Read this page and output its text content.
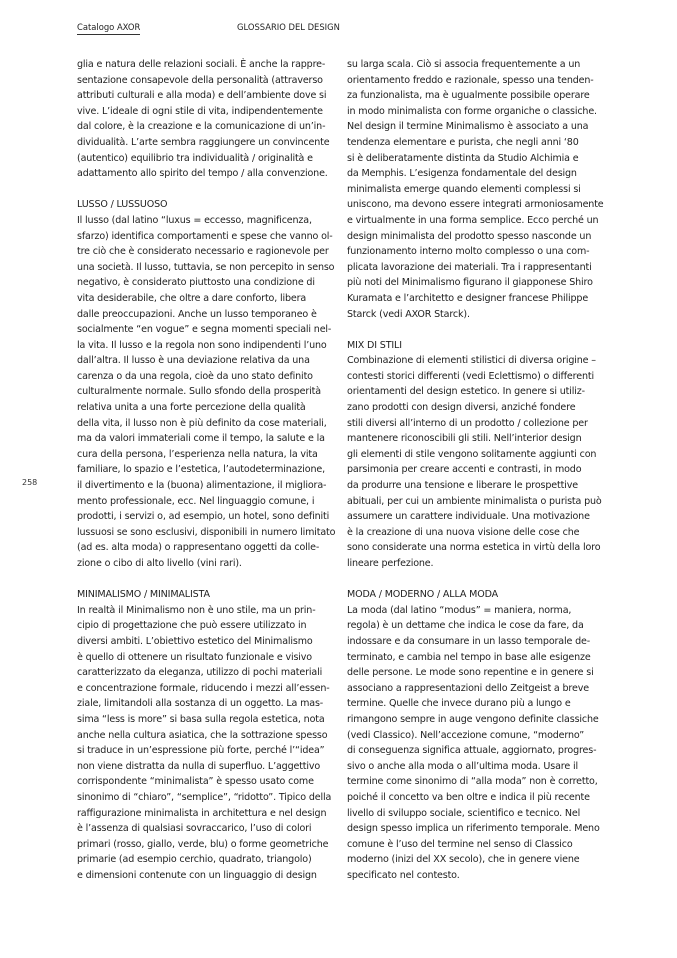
Catalogo AXOR	GLOSSARIO DEL DESIGN
258
glia e natura delle relazioni sociali. È anche la rappre-
sentazione consapevole della personalità (attraverso
attributi culturali e alla moda) e dell’ambiente dove si
vive. L’ideale di ogni stile di vita, indipendentemente
dal colore, è la creazione e la comunicazione di un’in-
dividualità. L’arte sembra raggiungere un convincente
(autentico) equilibrio tra individualità / originalità e
adattamento allo spirito del tempo / alla convenzione.
LUSSO / LUSSUOSO
Il lusso (dal latino “luxus = eccesso, magnificenza,
sfarzo) identifica comportamenti e spese che vanno ol-
tre ciò che è considerato necessario e ragionevole per
una società. Il lusso, tuttavia, se non percepito in senso
negativo, è considerato piuttosto una condizione di
vita desiderabile, che oltre a dare conforto, libera
dalle preoccupazioni. Anche un lusso temporaneo è
socialmente “en vogue” e segna momenti speciali nel-
la vita. Il lusso e la regola non sono indipendenti l’uno
dall’altra. Il lusso è una deviazione relativa da una
carenza o da una regola, cioè da uno stato definito
culturalmente normale. Sullo sfondo della prosperità
relativa unita a una forte percezione della qualità
della vita, il lusso non è più definito da cose materiali,
ma da valori immateriali come il tempo, la salute e la
cura della persona, l’esperienza nella natura, la vita
familiare, lo spazio e l’estetica, l’autodeterminazione,
il divertimento e la (buona) alimentazione, il migliora-
mento professionale, ecc. Nel linguaggio comune, i
prodotti, i servizi o, ad esempio, un hotel, sono definiti
lussuosi se sono esclusivi, disponibili in numero limitato
(ad es. alta moda) o rappresentano oggetti da colle-
zione o cibo di alto livello (vini rari).
MINIMALISMO / MINIMALISTA
In realtà il Minimalismo non è uno stile, ma un prin-
cipio di progettazione che può essere utilizzato in
diversi ambiti. L’obiettivo estetico del Minimalismo
è quello di ottenere un risultato funzionale e visivo
caratterizzato da eleganza, utilizzo di pochi materiali
e concentrazione formale, riducendo i mezzi all’essen-
ziale, limitandoli alla sostanza di un oggetto. La mas-
sima “less is more” si basa sulla regola estetica, nota
anche nella cultura asiatica, che la sottrazione spesso
si traduce in un’espressione più forte, perché l’“idea”
non viene distratta da nulla di superfluo. L’aggettivo
corrispondente “minimalista” è spesso usato come
sinonimo di “chiaro”, “semplice”, “ridotto”. Tipico della
raffigurazione minimalista in architettura e nel design
è l’assenza di qualsiasi sovraccarico, l’uso di colori
primari (rosso, giallo, verde, blu) o forme geometriche
primarie (ad esempio cerchio, quadrato, triangolo)
e dimensioni contenute con un linguaggio di design
su larga scala. Ciò si associa frequentemente a un
orientamento freddo e razionale, spesso una tenden-
za funzionalista, ma è ugualmente possibile operare
in modo minimalista con forme organiche o classiche.
Nel design il termine Minimalismo è associato a una
tendenza elementare e purista, che negli anni ‘80
si è deliberatamente distinta da Studio Alchimia e
da Memphis. L’esigenza fondamentale del design
minimalista emerge quando elementi complessi si
uniscono, ma devono essere integrati armoniosamente
e virtualmente in una forma semplice. Ecco perché un
design minimalista del prodotto spesso nasconde un
funzionamento interno molto complesso o una com-
plicata lavorazione dei materiali. Tra i rappresentanti
più noti del Minimalismo figurano il giapponese Shiro
Kuramata e l’architetto e designer francese Philippe
Starck (vedi AXOR Starck).
MIX DI STILI
Combinazione di elementi stilistici di diversa origine –
contesti storici differenti (vedi Eclettismo) o differenti
orientamenti del design estetico. In genere si utiliz-
zano prodotti con design diversi, anziché fondere
stili diversi all’interno di un prodotto / collezione per
mantenere riconoscibili gli stili. Nell’interior design
gli elementi di stile vengono solitamente aggiunti con
parsimonia per creare accenti e contrasti, in modo
da produrre una tensione e liberare le prospettive
abituali, per cui un ambiente minimalista o purista può
assumere un carattere individuale. Una motivazione
è la creazione di una nuova visione delle cose che
sono considerate una norma estetica in virtù della loro
lineare perfezione.
MODA / MODERNO / ALLA MODA
La moda (dal latino “modus” = maniera, norma,
regola) è un dettame che indica le cose da fare, da
indossare e da consumare in un lasso temporale de-
terminato, e cambia nel tempo in base alle esigenze
delle persone. Le mode sono repentine e in genere si
associano a rappresentazioni dello Zeitgeist a breve
termine. Quelle che invece durano più a lungo e
rimangono sempre in auge vengono definite classiche
(vedi Classico). Nell’accezione comune, “moderno”
di conseguenza significa attuale, aggiornato, progres-
sivo o anche alla moda o all’ultima moda. Usare il
termine come sinonimo di “alla moda” non è corretto,
poiché il concetto va ben oltre e indica il più recente
livello di sviluppo sociale, scientifico e tecnico. Nel
design spesso implica un riferimento temporale. Meno
comune è l’uso del termine nel senso di Classico
moderno (inizi del XX secolo), che in genere viene
specificato nel contesto.
